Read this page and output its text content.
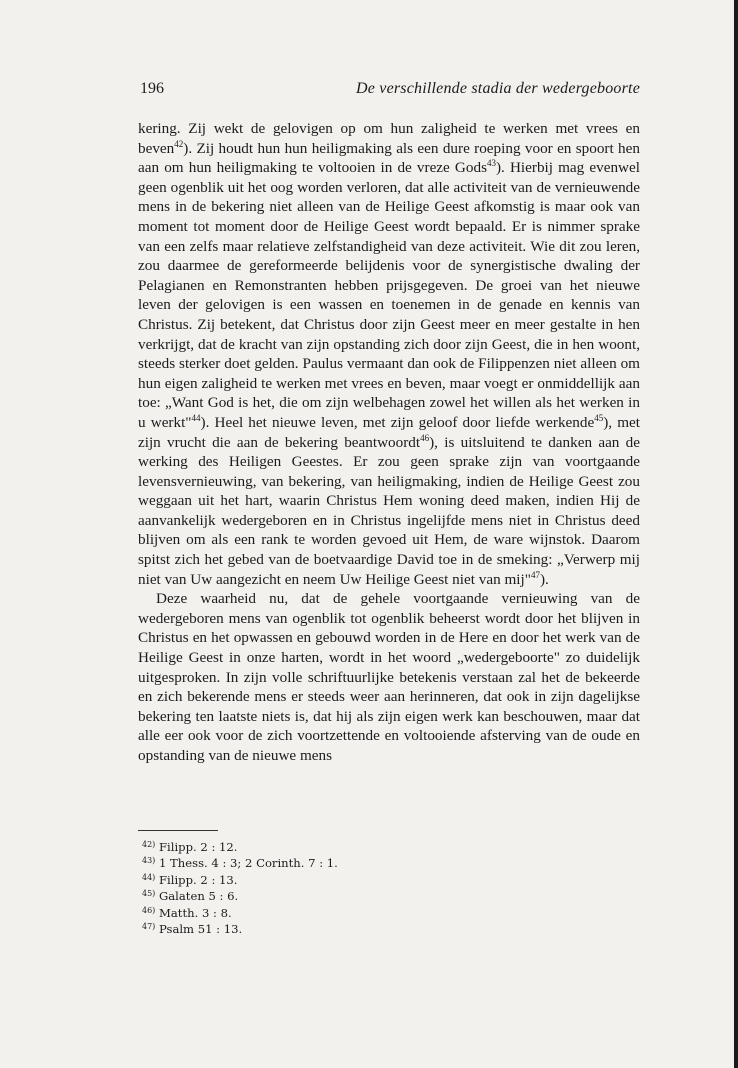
196	De verschillende stadia der wedergeboorte

kering. Zij wekt de gelovigen op om hun zaligheid te werken met vrees en beven$^{42}$). Zij houdt hun hun heiligmaking als een dure roeping voor en spoort hen aan om hun heiligmaking te voltooien in de vreze Gods$^{43}$). Hierbij mag evenwel geen ogenblik uit het oog worden verloren, dat alle activiteit van de vernieuwende mens in de bekering niet alleen van de Heilige Geest afkomstig is maar ook van moment tot moment door de Heilige Geest wordt bepaald. Er is nimmer sprake van een zelfs maar relatieve zelfstandigheid van deze activiteit. Wie dit zou leren, zou daarmee de gereformeerde belijdenis voor de synergistische dwaling der Pelagianen en Remonstranten hebben prijsgegeven. De groei van het nieuwe leven der gelovigen is een wassen en toenemen in de genade en kennis van Christus. Zij betekent, dat Christus door zijn Geest meer en meer gestalte in hen verkrijgt, dat de kracht van zijn opstanding zich door zijn Geest, die in hen woont, steeds sterker doet gelden. Paulus vermaant dan ook de Filippenzen niet alleen om hun eigen zaligheid te werken met vrees en beven, maar voegt er onmiddellijk aan toe: „Want God is het, die om zijn welbehagen zowel het willen als het werken in u werkt"$^{44}$). Heel het nieuwe leven, met zijn geloof door liefde werkende$^{45}$), met zijn vrucht die aan de bekering beantwoordt$^{46}$), is uitsluitend te danken aan de werking des Heiligen Geestes. Er zou geen sprake zijn van voortgaande levensvernieuwing, van bekering, van heiligmaking, indien de Heilige Geest zou weggaan uit het hart, waarin Christus Hem woning deed maken, indien Hij de aanvankelijk wedergeboren en in Christus ingelijfde mens niet in Christus deed blijven om als een rank te worden gevoed uit Hem, de ware wijnstok. Daarom spitst zich het gebed van de boetvaardige David toe in de smeking: „Verwerp mij niet van Uw aangezicht en neem Uw Heilige Geest niet van mij"$^{47}$).

Deze waarheid nu, dat de gehele voortgaande vernieuwing van de wedergeboren mens van ogenblik tot ogenblik beheerst wordt door het blijven in Christus en het opwassen en gebouwd worden in de Here en door het werk van de Heilige Geest in onze harten, wordt in het woord „wedergeboorte" zo duidelijk uitgesproken. In zijn volle schriftuurlijke betekenis verstaan zal het de bekeerde en zich bekerende mens er steeds weer aan herinneren, dat ook in zijn dagelijkse bekering ten laatste niets is, dat hij als zijn eigen werk kan beschouwen, maar dat alle eer ook voor de zich voortzettende en voltooiende afsterving van de oude en opstanding van de nieuwe mens

$^{42)}$ Filipp. 2 : 12.
$^{43)}$ 1 Thess. 4 : 3; 2 Corinth. 7 : 1.
$^{44)}$ Filipp. 2 : 13.
$^{45)}$ Galaten 5 : 6.
$^{46)}$ Matth. 3 : 8.
$^{47)}$ Psalm 51 : 13.
